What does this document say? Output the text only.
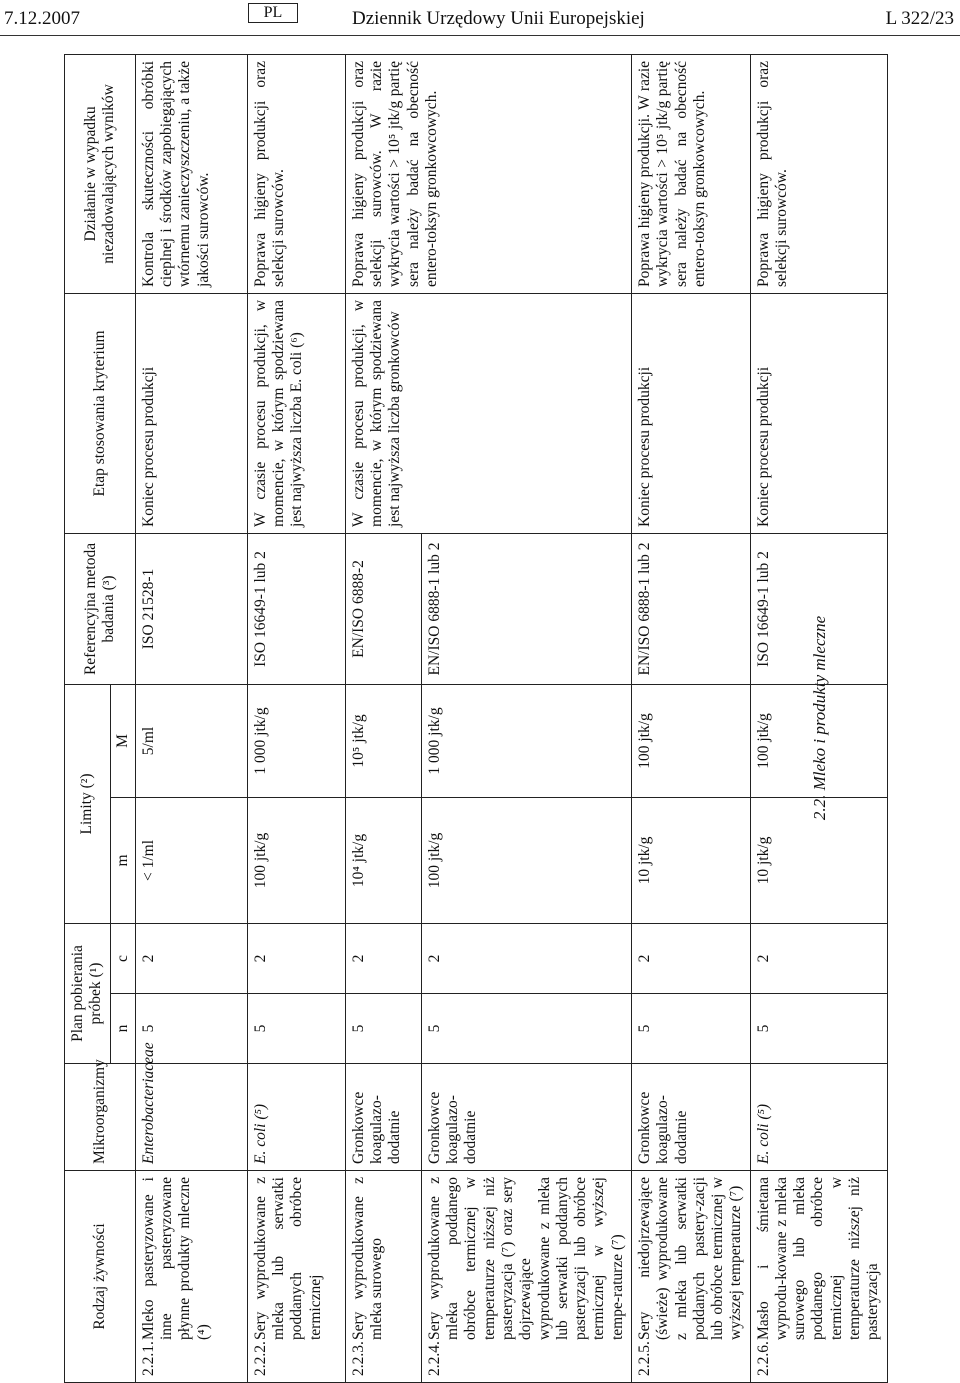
7.12.2007	PL	Dziennik Urzędowy Unii Europejskiej	L 322/23
2.2. Mleko i produkty mleczne
Rodzaj żywności	Mikroorganizmy	Plan pobierania próbek (¹)		Limity (²)		Referencyjna metoda badania (³)	Etap stosowania kryterium	Działanie w wypadku niezadowalających wyników
		n	c	m	M			

2.2.1.
Mleko pasteryzowane i inne pasteryzowane płynne produkty mleczne (⁴)	Enterobacteriaceae	5	2	< 1/ml	5/ml	ISO 21528-1	Koniec procesu produkcji	Kontrola skuteczności obróbki cieplnej i środków zapobiegających wtórnemu zanieczyszczeniu, a także jakości surowców.

2.2.2.
Sery wyprodukowane z mleka lub serwatki poddanych obróbce termicznej	E. coli (⁵)	5	2	100 jtk/g	1 000 jtk/g	ISO 16649-1 lub 2	W czasie procesu produkcji, w momencie, w którym spodziewana jest najwyższa liczba E. coli (⁶)	Poprawa higieny produkcji oraz selekcji surowców.

2.2.3.
Sery wyprodukowane z mleka surowego	Gronkowce koagulazo-dodatnie	5	2	10⁴ jtk/g	10⁵ jtk/g	EN/ISO 6888-2	W czasie procesu produkcji, w momencie, w którym spodziewana jest najwyższa liczba gronkowców	Poprawa higieny produkcji oraz selekcji surowców. W razie wykrycia wartości > 10⁵ jtk/g partię sera należy badać na obecność entero-toksyn gronkowcowych.

2.2.4.
Sery wyprodukowane z mleka poddanego obróbce termicznej w temperaturze niższej niż pasteryzacja (⁷) oraz sery dojrzewające wyprodukowane z mleka lub serwatki poddanych pasteryzacji lub obróbce termicznej w wyższej tempe-raturze (⁷)	Gronkowce koagulazo-dodatnie	5	2	100 jtk/g	1 000 jtk/g	EN/ISO 6888-1 lub 2		

2.2.5.
Sery niedojrzewające (świeże) wyprodukowane z mleka lub serwatki poddanych pastery-zacji lub obróbce termicznej w wyższej temperaturze (⁷)	Gronkowce koagulazo-dodatnie	5	2	10 jtk/g	100 jtk/g	EN/ISO 6888-1 lub 2	Koniec procesu produkcji	Poprawa higieny produkcji. W razie wykrycia wartości > 10⁵ jtk/g partię sera należy badać na obecność entero-toksyn gronkowcowych.

2.2.6.
Masło i śmietana wyprodu-kowane z mleka surowego lub mleka poddanego obróbce termicznej w temperaturze niższej niż pasteryzacja	E. coli (⁵)	5	2	10 jtk/g	100 jtk/g	ISO 16649-1 lub 2	Koniec procesu produkcji	Poprawa higieny produkcji oraz selekcji surowców.
